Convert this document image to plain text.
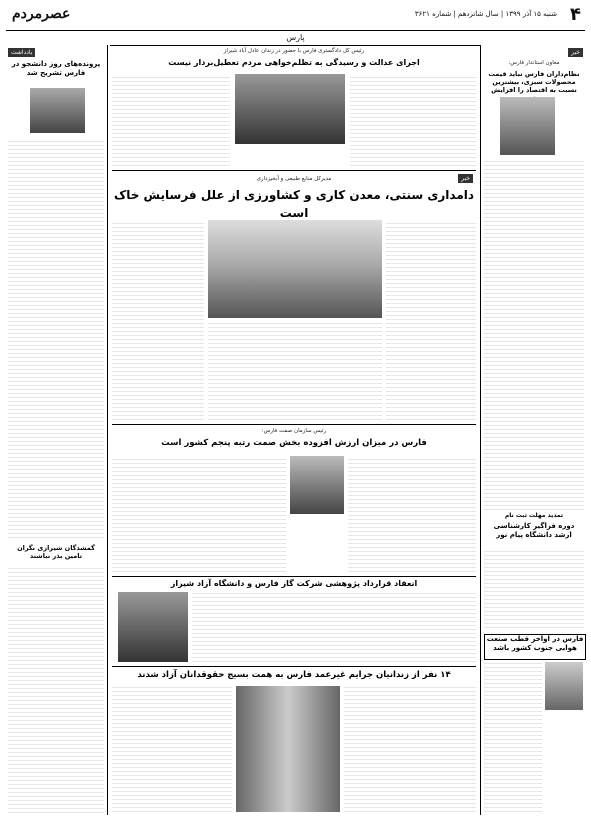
۴
شنبه ۱۵ آذر ۱۳۹۹ | سال شانزدهم | شماره ۳۶۲۱
عصرمردم
پارس
خبر
معاون استاندار فارس:
نظام‌داران فارس نباید قیمت محصولات سبزی، بیشترین نسبت به اقتصاد را افزایش
تمدید مهلت ثبت نام
دوره فراگیر کارشناسی ارشد دانشگاه پیام نور
فارس در اواخر قطب صنعت هوایی جنوب کشور باشد
یادداشت
پرونده‌های روز دانشجو در فارس تشریح شد
گمشدگان شیرازی نگران تامین بذر نباشند
رئیس کل دادگستری فارس با حضور در زندان عادل آباد شیراز
اجرای عدالت و رسیدگی به تظلم‌خواهی مردم تعطیل‌بردار نیست
خبر
مدیرکل منابع طبیعی و آبخیزداری
دامداری سنتی، معدن کاری و کشاورزی از علل فرسایش خاک است
رئیس سازمان صمت فارس:
فارس در میزان ارزش افزوده بخش صمت رتبه پنجم کشور است
انعقاد قرارداد پژوهشی شرکت گاز فارس و دانشگاه آزاد شیراز
۱۴ نفر از زندانیان جرایم غیرعمد فارس به همت بسیج حقوقدانان آزاد شدند
